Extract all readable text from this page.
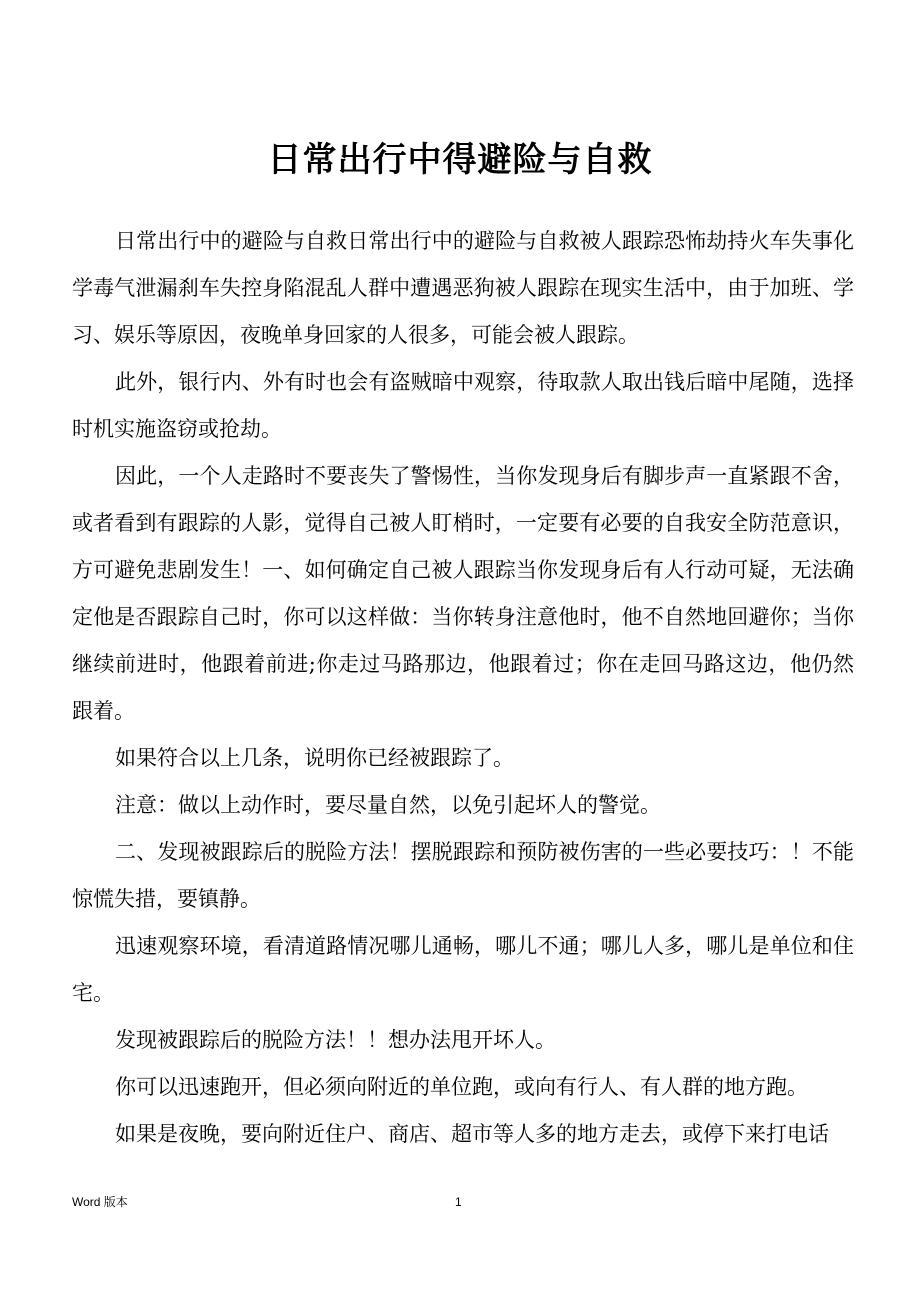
日常出行中得避险与自救

日常出行中的避险与自救日常出行中的避险与自救被人跟踪恐怖劫持火车失事化学毒气泄漏刹车失控身陷混乱人群中遭遇恶狗被人跟踪在现实生活中，由于加班、学习、娱乐等原因，夜晚单身回家的人很多，可能会被人跟踪。

此外，银行内、外有时也会有盗贼暗中观察，待取款人取出钱后暗中尾随，选择时机实施盗窃或抢劫。

因此，一个人走路时不要丧失了警惕性，当你发现身后有脚步声一直紧跟不舍，或者看到有跟踪的人影，觉得自己被人盯梢时，一定要有必要的自我安全防范意识，方可避免悲剧发生！一、如何确定自己被人跟踪当你发现身后有人行动可疑，无法确定他是否跟踪自己时，你可以这样做：当你转身注意他时，他不自然地回避你；当你继续前进时，他跟着前进;你走过马路那边，他跟着过；你在走回马路这边，他仍然跟着。

如果符合以上几条，说明你已经被跟踪了。

注意：做以上动作时，要尽量自然，以免引起坏人的警觉。

二、发现被跟踪后的脱险方法！摆脱跟踪和预防被伤害的一些必要技巧：！不能惊慌失措，要镇静。

迅速观察环境，看清道路情况哪儿通畅，哪儿不通；哪儿人多，哪儿是单位和住宅。

发现被跟踪后的脱险方法！！想办法甩开坏人。

你可以迅速跑开，但必须向附近的单位跑，或向有行人、有人群的地方跑。

如果是夜晚，要向附近住户、商店、超市等人多的地方走去，或停下来打电话

Word 版本	1
